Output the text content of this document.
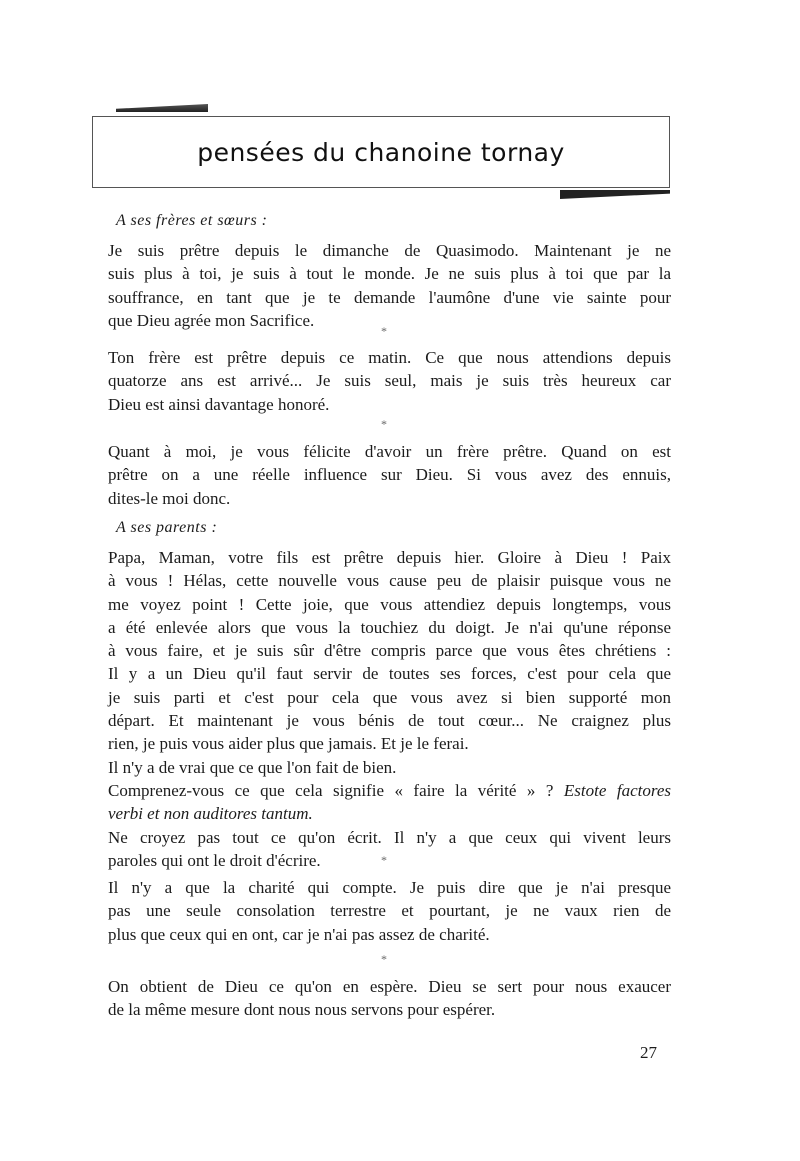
pensées du chanoine tornay
A ses frères et sœurs :

Je suis prêtre depuis le dimanche de Quasimodo. Maintenant je ne
suis plus à toi, je suis à tout le monde. Je ne suis plus à toi que par la
souffrance, en tant que je te demande l'aumône d'une vie sainte pour
que Dieu agrée mon Sacrifice.

*

Ton frère est prêtre depuis ce matin. Ce que nous attendions depuis
quatorze ans est arrivé... Je suis seul, mais je suis très heureux car
Dieu est ainsi davantage honoré.

*

Quant à moi, je vous félicite d'avoir un frère prêtre. Quand on est
prêtre on a une réelle influence sur Dieu. Si vous avez des ennuis,
dites-le moi donc.

A ses parents :

Papa, Maman, votre fils est prêtre depuis hier. Gloire à Dieu ! Paix
à vous ! Hélas, cette nouvelle vous cause peu de plaisir puisque vous ne
me voyez point ! Cette joie, que vous attendiez depuis longtemps, vous
a été enlevée alors que vous la touchiez du doigt. Je n'ai qu'une réponse
à vous faire, et je suis sûr d'être compris parce que vous êtes chrétiens :
Il y a un Dieu qu'il faut servir de toutes ses forces, c'est pour cela que
je suis parti et c'est pour cela que vous avez si bien supporté mon
départ. Et maintenant je vous bénis de tout cœur... Ne craignez plus
rien, je puis vous aider plus que jamais. Et je le ferai.
Il n'y a de vrai que ce que l'on fait de bien.
Comprenez-vous ce que cela signifie « faire la vérité » ? Estote factores
verbi et non auditores tantum.
Ne croyez pas tout ce qu'on écrit. Il n'y a que ceux qui vivent leurs
paroles qui ont le droit d'écrire.	*

Il n'y a que la charité qui compte. Je puis dire que je n'ai presque
pas une seule consolation terrestre et pourtant, je ne vaux rien de
plus que ceux qui en ont, car je n'ai pas assez de charité.

*

On obtient de Dieu ce qu'on en espère. Dieu se sert pour nous exaucer
de la même mesure dont nous nous servons pour espérer.

27
